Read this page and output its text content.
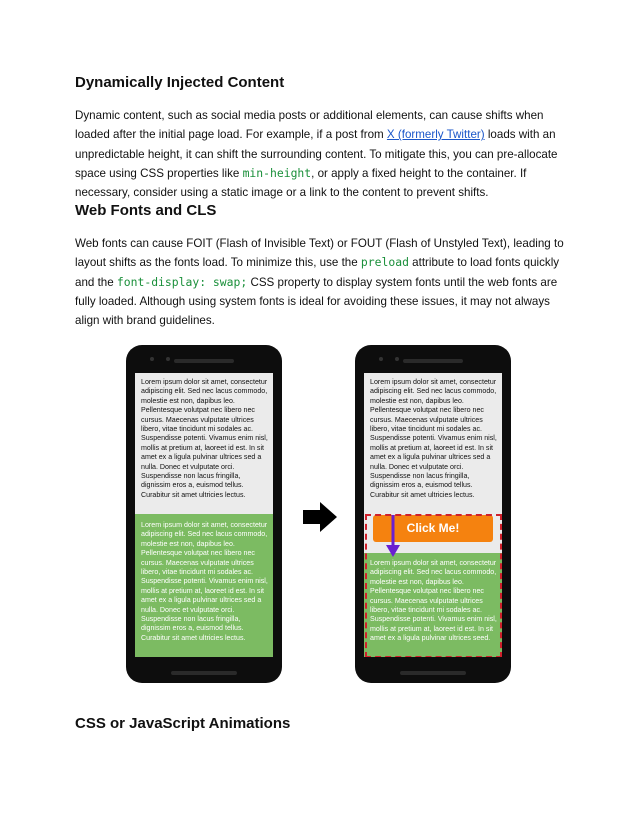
Dynamically Injected Content

Dynamic content, such as social media posts or additional elements, can cause shifts when loaded after the initial page load. For example, if a post from X (formerly Twitter) loads with an unpredictable height, it can shift the surrounding content. To mitigate this, you can pre-allocate space using CSS properties like min-height, or apply a fixed height to the container. If necessary, consider using a static image or a link to the content to prevent shifts.

Web Fonts and CLS

Web fonts can cause FOIT (Flash of Invisible Text) or FOUT (Flash of Unstyled Text), leading to layout shifts as the fonts load. To minimize this, use the preload attribute to load fonts quickly and the font-display: swap; CSS property to display system fonts until the web fonts are fully loaded. Although using system fonts is ideal for avoiding these issues, it may not always align with brand guidelines.

Lorem ipsum dolor sit amet, consectetur adipiscing elit. Sed nec lacus commodo, molestie est non, dapibus leo. Pellentesque volutpat nec libero nec cursus. Maecenas vulputate ultrices libero, vitae tincidunt mi sodales ac. Suspendisse potenti. Vivamus enim nisl, mollis at pretium at, laoreet id est. In sit amet ex a ligula pulvinar ultrices sed a nulla. Donec et vulputate orci. Suspendisse non lacus fringilla, dignissim eros a, euismod tellus. Curabitur sit amet ultricies lectus.

Lorem ipsum dolor sit amet, consectetur adipiscing elit. Sed nec lacus commodo, molestie est non, dapibus leo. Pellentesque volutpat nec libero nec cursus. Maecenas vulputate ultrices libero, vitae tincidunt mi sodales ac. Suspendisse potenti. Vivamus enim nisl, mollis at pretium at, laoreet id est. In sit amet ex a ligula pulvinar ultrices sed a nulla. Donec et vulputate orci. Suspendisse non lacus fringilla, dignissim eros a, euismod tellus. Curabitur sit amet ultricies lectus.

Lorem ipsum dolor sit amet, consectetur adipiscing elit. Sed nec lacus commodo, molestie est non, dapibus leo. Pellentesque volutpat nec libero nec cursus. Maecenas vulputate ultrices libero, vitae tincidunt mi sodales ac. Suspendisse potenti. Vivamus enim nisl, mollis at pretium at, laoreet id est. In sit amet ex a ligula pulvinar ultrices sed a nulla. Donec et vulputate orci. Suspendisse non lacus fringilla, dignissim eros a, euismod tellus. Curabitur sit amet ultricies lectus.

Lorem ipsum dolor sit amet, consectetur adipiscing elit. Sed nec lacus commodo, molestie est non, dapibus leo. Pellentesque volutpat nec libero nec cursus. Maecenas vulputate ultrices libero, vitae tincidunt mi sodales ac. Suspendisse potenti. Vivamus enim nisl, mollis at pretium at, laoreet id est. In sit amet ex a ligula pulvinar ultrices seed.

Click Me!
CSS or JavaScript Animations
